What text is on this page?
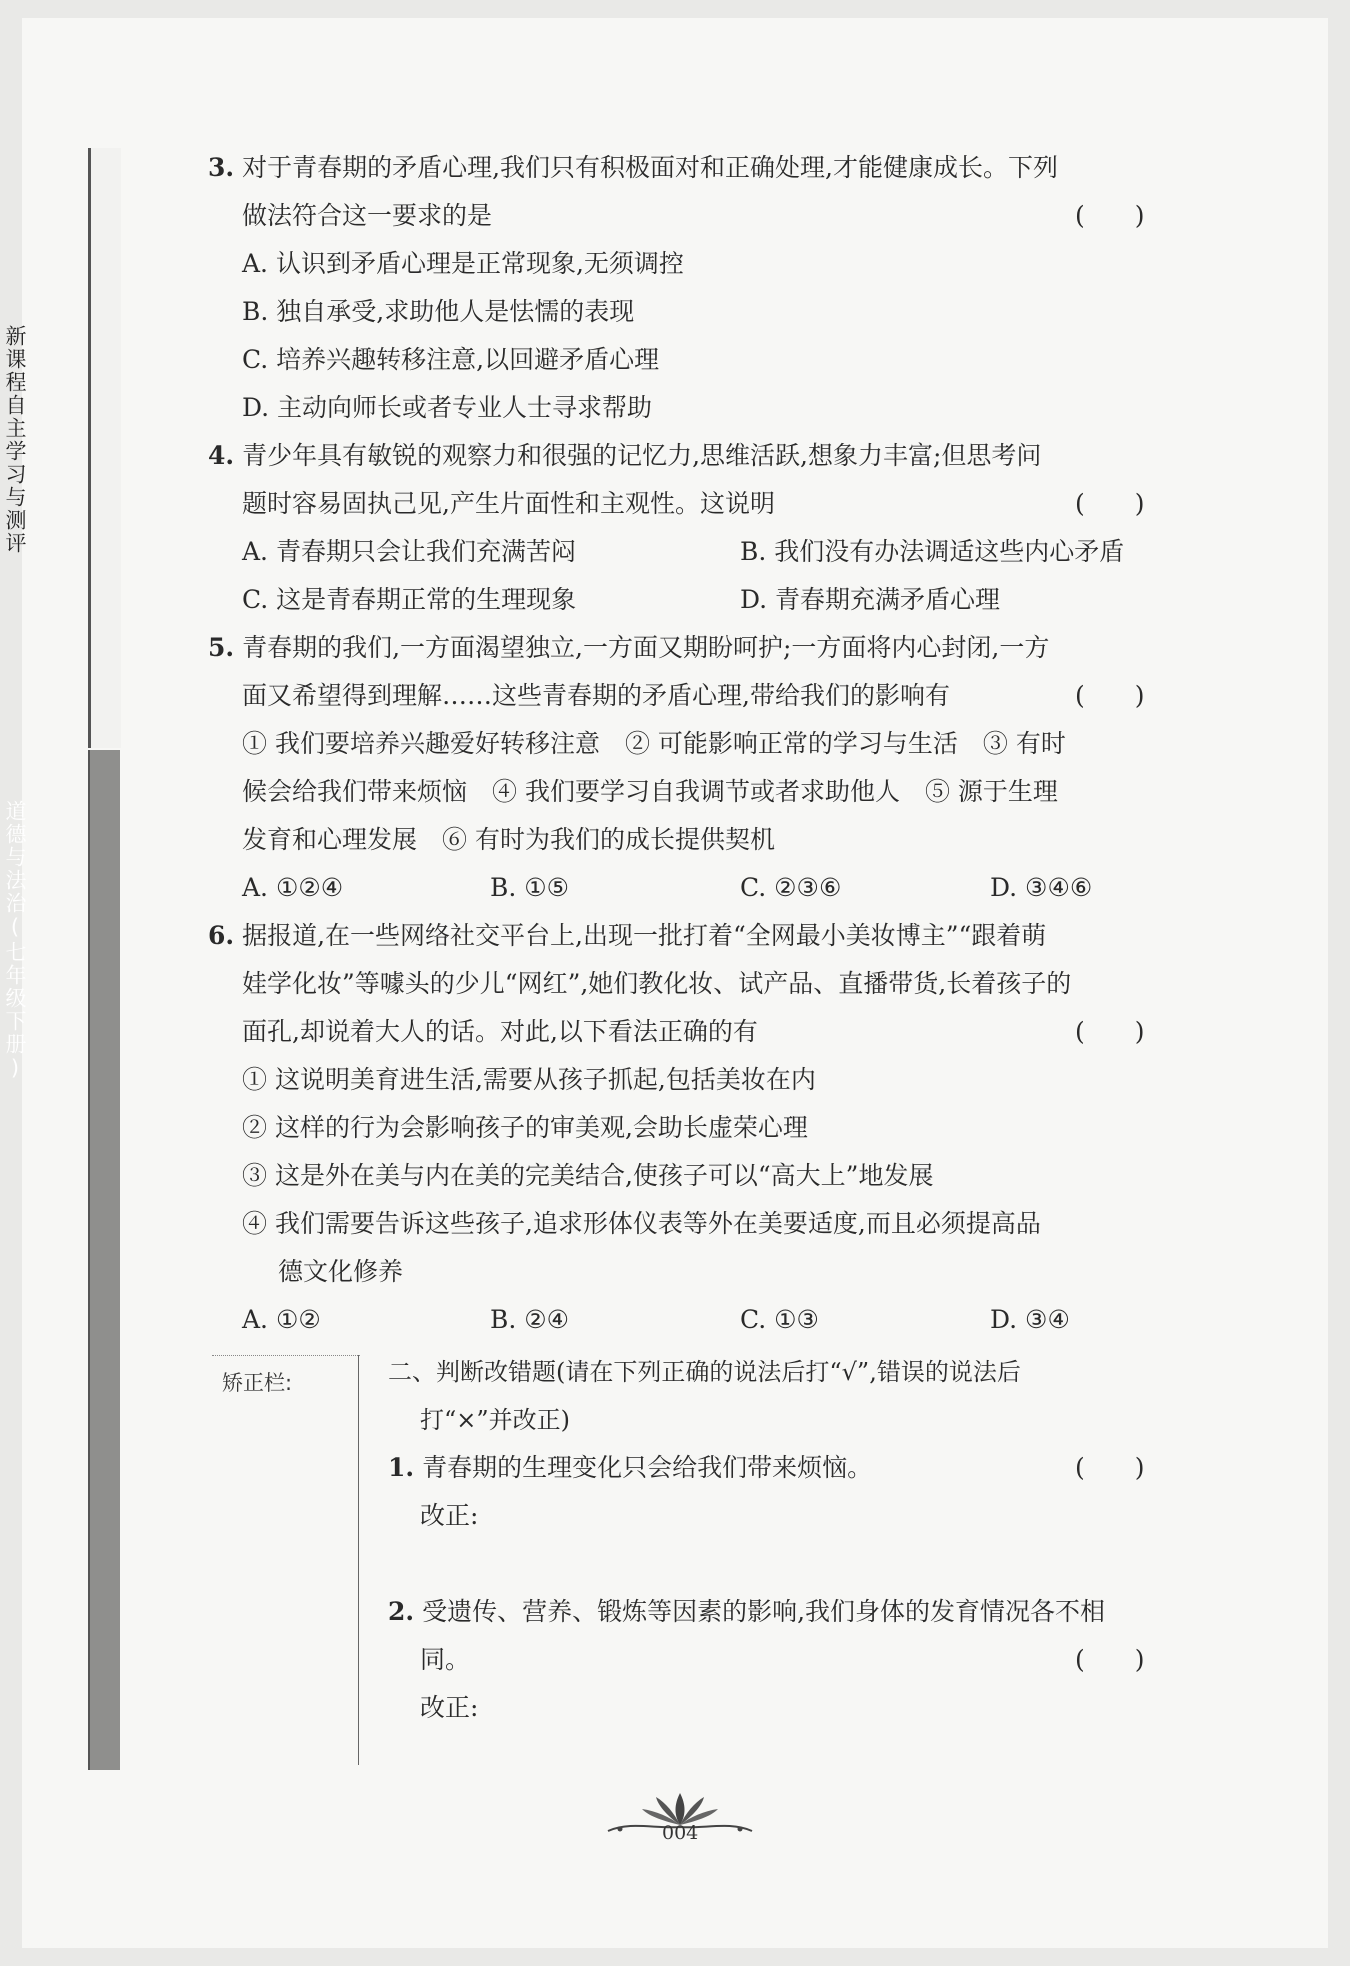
新课程自主学习与测评
道德与法治(七年级下册)
3. 对于青春期的矛盾心理,我们只有积极面对和正确处理,才能健康成长。下列
做法符合这一要求的是	(　　)
A. 认识到矛盾心理是正常现象,无须调控
B. 独自承受,求助他人是怯懦的表现
C. 培养兴趣转移注意,以回避矛盾心理
D. 主动向师长或者专业人士寻求帮助
4. 青少年具有敏锐的观察力和很强的记忆力,思维活跃,想象力丰富;但思考问
题时容易固执己见,产生片面性和主观性。这说明	(　　)
A. 青春期只会让我们充满苦闷	B. 我们没有办法调适这些内心矛盾
C. 这是青春期正常的生理现象	D. 青春期充满矛盾心理
5. 青春期的我们,一方面渴望独立,一方面又期盼呵护;一方面将内心封闭,一方
面又希望得到理解……这些青春期的矛盾心理,带给我们的影响有	(　　)
① 我们要培养兴趣爱好转移注意　② 可能影响正常的学习与生活　③ 有时
候会给我们带来烦恼　④ 我们要学习自我调节或者求助他人　⑤ 源于生理
发育和心理发展　⑥ 有时为我们的成长提供契机
A. ①②④	B. ①⑤	C. ②③⑥	D. ③④⑥
6. 据报道,在一些网络社交平台上,出现一批打着“全网最小美妆博主”“跟着萌
娃学化妆”等噱头的少儿“网红”,她们教化妆、试产品、直播带货,长着孩子的
面孔,却说着大人的话。对此,以下看法正确的有	(　　)
① 这说明美育进生活,需要从孩子抓起,包括美妆在内
② 这样的行为会影响孩子的审美观,会助长虚荣心理
③ 这是外在美与内在美的完美结合,使孩子可以“高大上”地发展
④ 我们需要告诉这些孩子,追求形体仪表等外在美要适度,而且必须提高品
德文化修养
A. ①②	B. ②④	C. ①③	D. ③④
矫正栏:	二、判断改错题(请在下列正确的说法后打“√”,错误的说法后
打“×”并改正)
1. 青春期的生理变化只会给我们带来烦恼。	(　　)
改正:
2. 受遗传、营养、锻炼等因素的影响,我们身体的发育情况各不相
同。	(　　)
改正:
004
